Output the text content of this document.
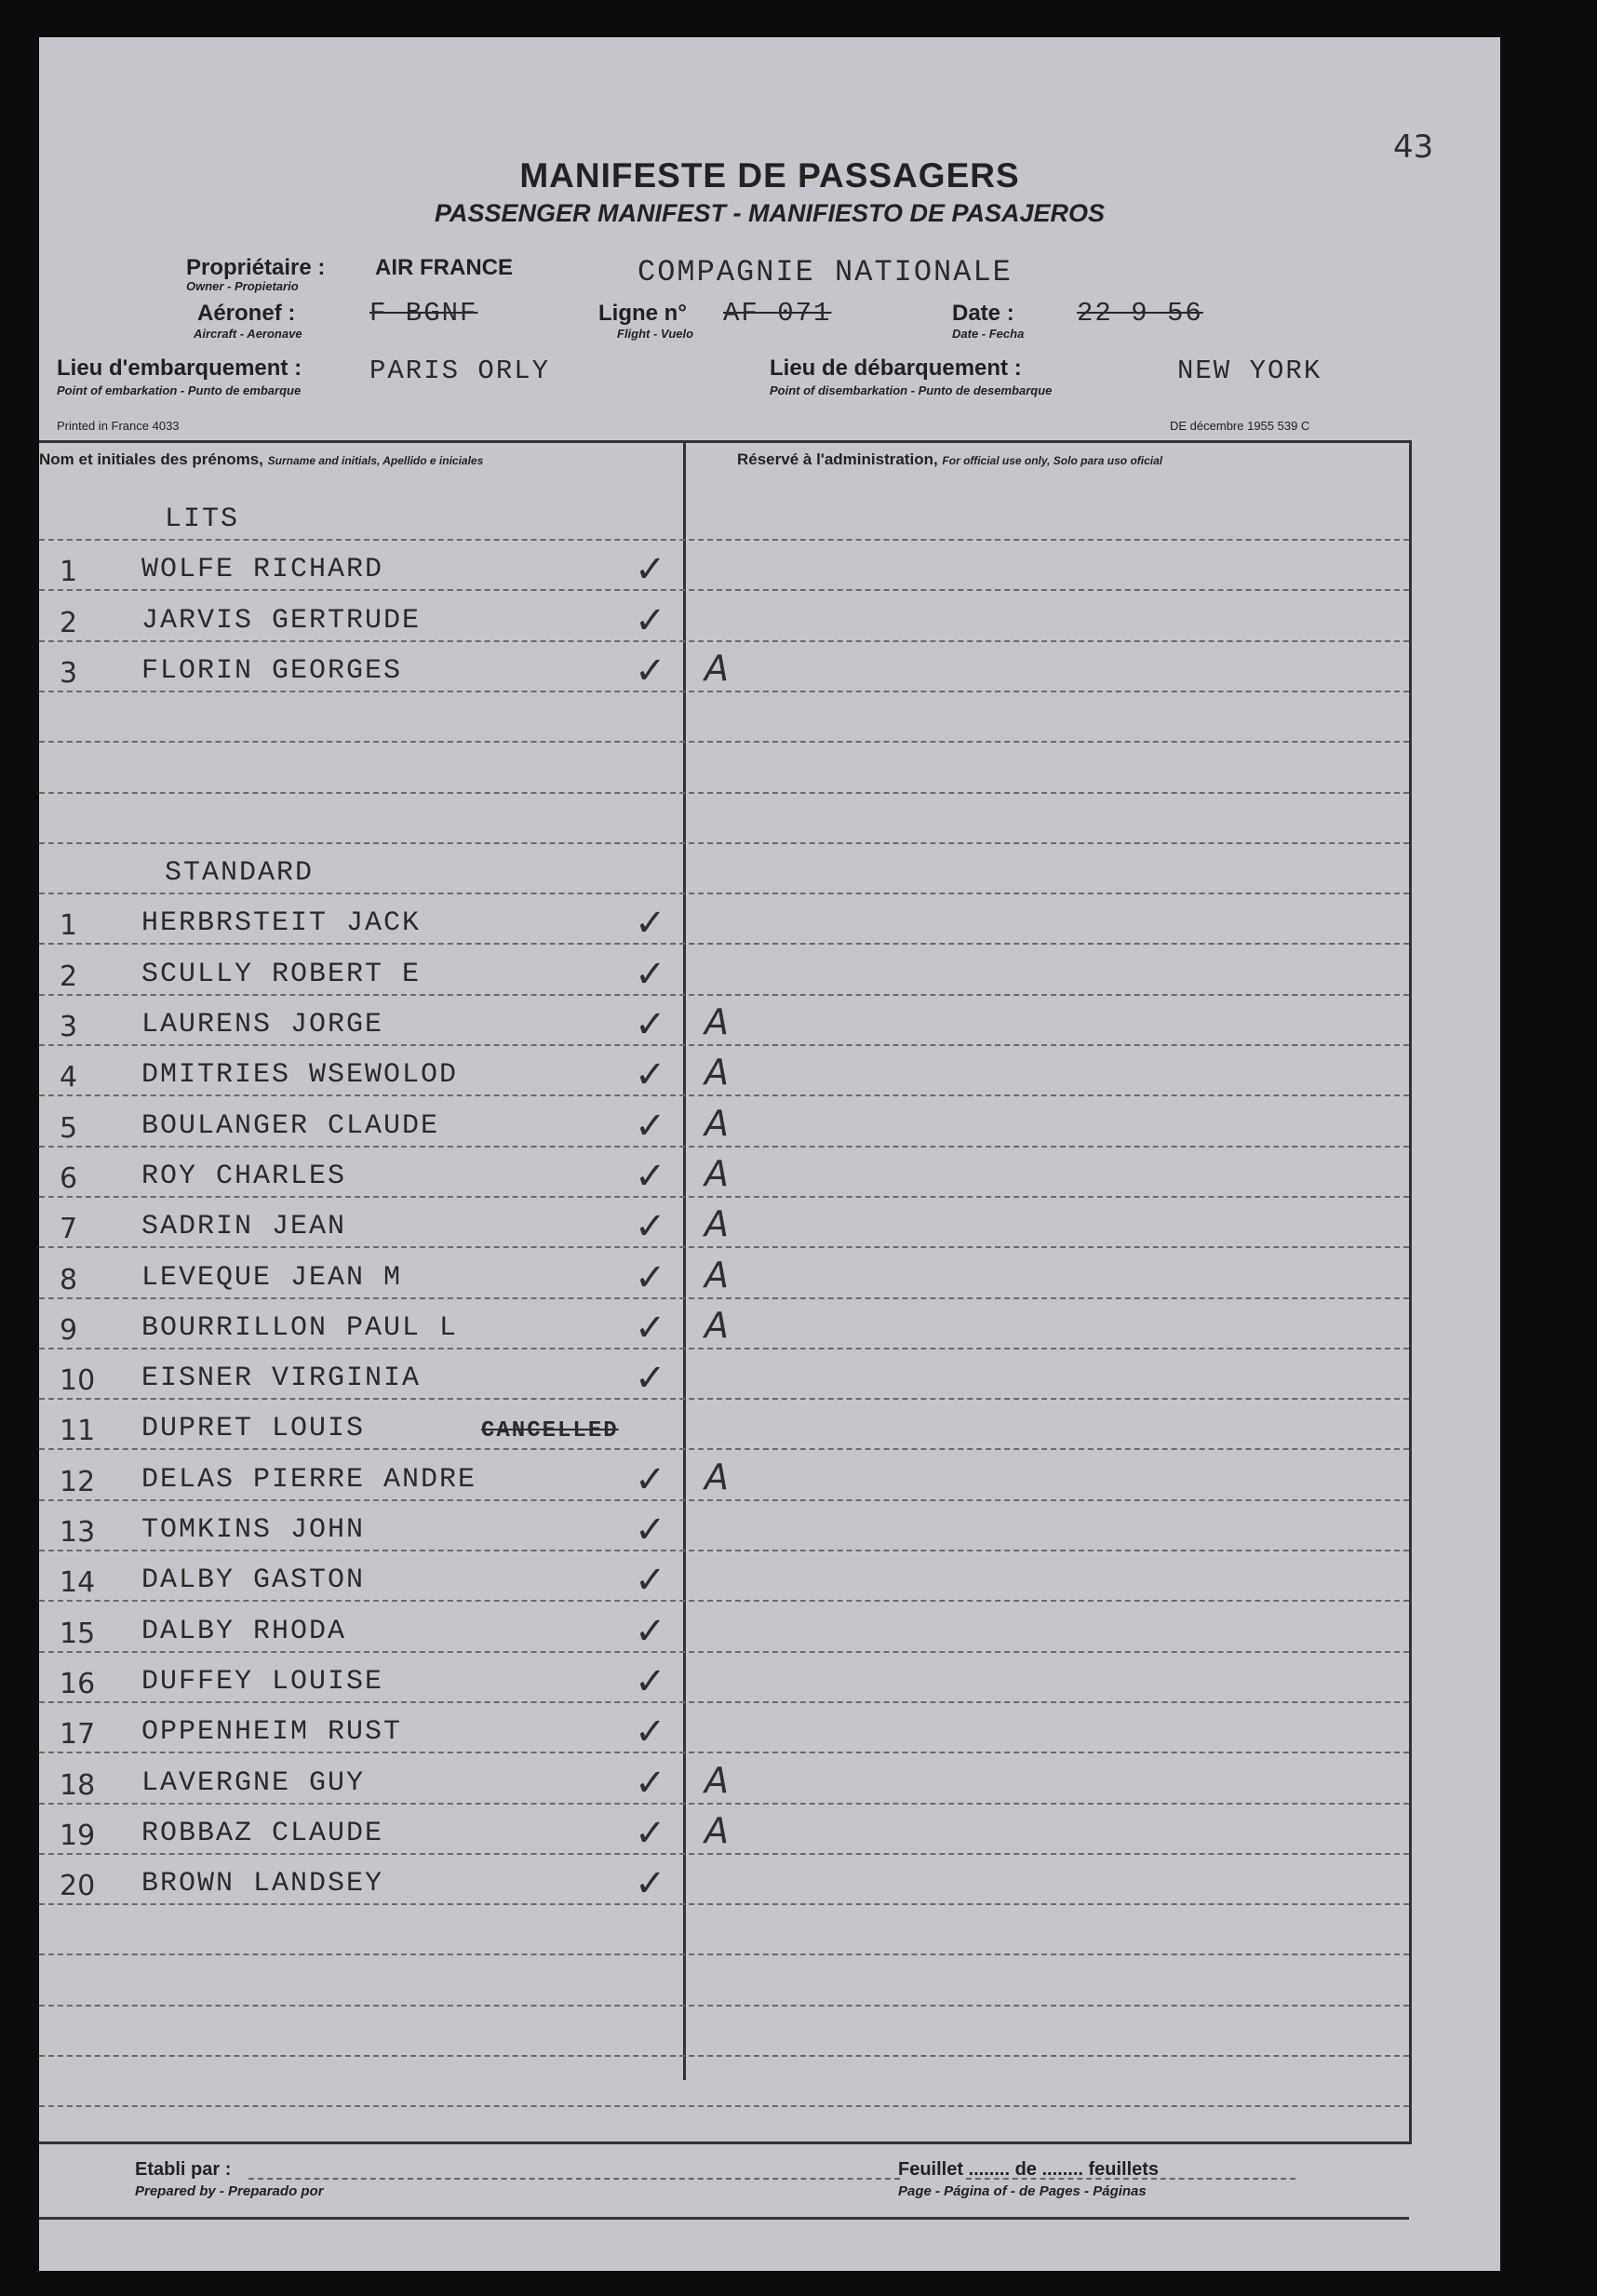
43
MANIFESTE DE PASSAGERS
PASSENGER MANIFEST - MANIFIESTO DE PASAJEROS
Propriétaire :
Owner - Propietario
AIR FRANCE	COMPAGNIE NATIONALE
Aéronef :
Aircraft - Aeronave
F BGNF	Ligne n°
Flight - Vuelo
AF 071	Date :
Date - Fecha
22 9 56
Lieu d'embarquement :
Point of embarkation - Punto de embarque
PARIS ORLY	Lieu de débarquement :
Point of disembarkation - Punto de desembarque
NEW YORK
Printed in France 4033	DE décembre 1955 539 C
Nom et initiales des prénoms, Surname and initials, Apellido e iniciales	Réservé à l'administration, For official use only, Solo para uso oficial
LITS
1 WOLFE RICHARD	✓
2 JARVIS GERTRUDE	✓
3 FLORIN GEORGES	✓ A
STANDARD
1 HERBRSTEIT JACK	✓
2 SCULLY ROBERT E	✓
3 LAURENS JORGE	✓ A
4 DMITRIES WSEWOLOD	✓ A
5 BOULANGER CLAUDE	✓ A
6 ROY CHARLES	✓ A
7 SADRIN JEAN	✓ A
8 LEVEQUE JEAN M	✓ A
9 BOURRILLON PAUL L	✓ A
10 EISNER VIRGINIA	✓
11 DUPRET LOUIS	CANCELLED
12 DELAS PIERRE ANDRE	✓ A
13 TOMKINS JOHN	✓
14 DALBY GASTON	✓
15 DALBY RHODA	✓
16 DUFFEY LOUISE	✓
17 OPPENHEIM RUST	✓
18 LAVERGNE GUY	✓ A
19 ROBBAZ CLAUDE	✓ A
20 BROWN LANDSEY	✓
Etabli par :
Prepared by - Preparado por
Feuillet ........ de ........ feuillets
Page - Página of - de Pages - Páginas
